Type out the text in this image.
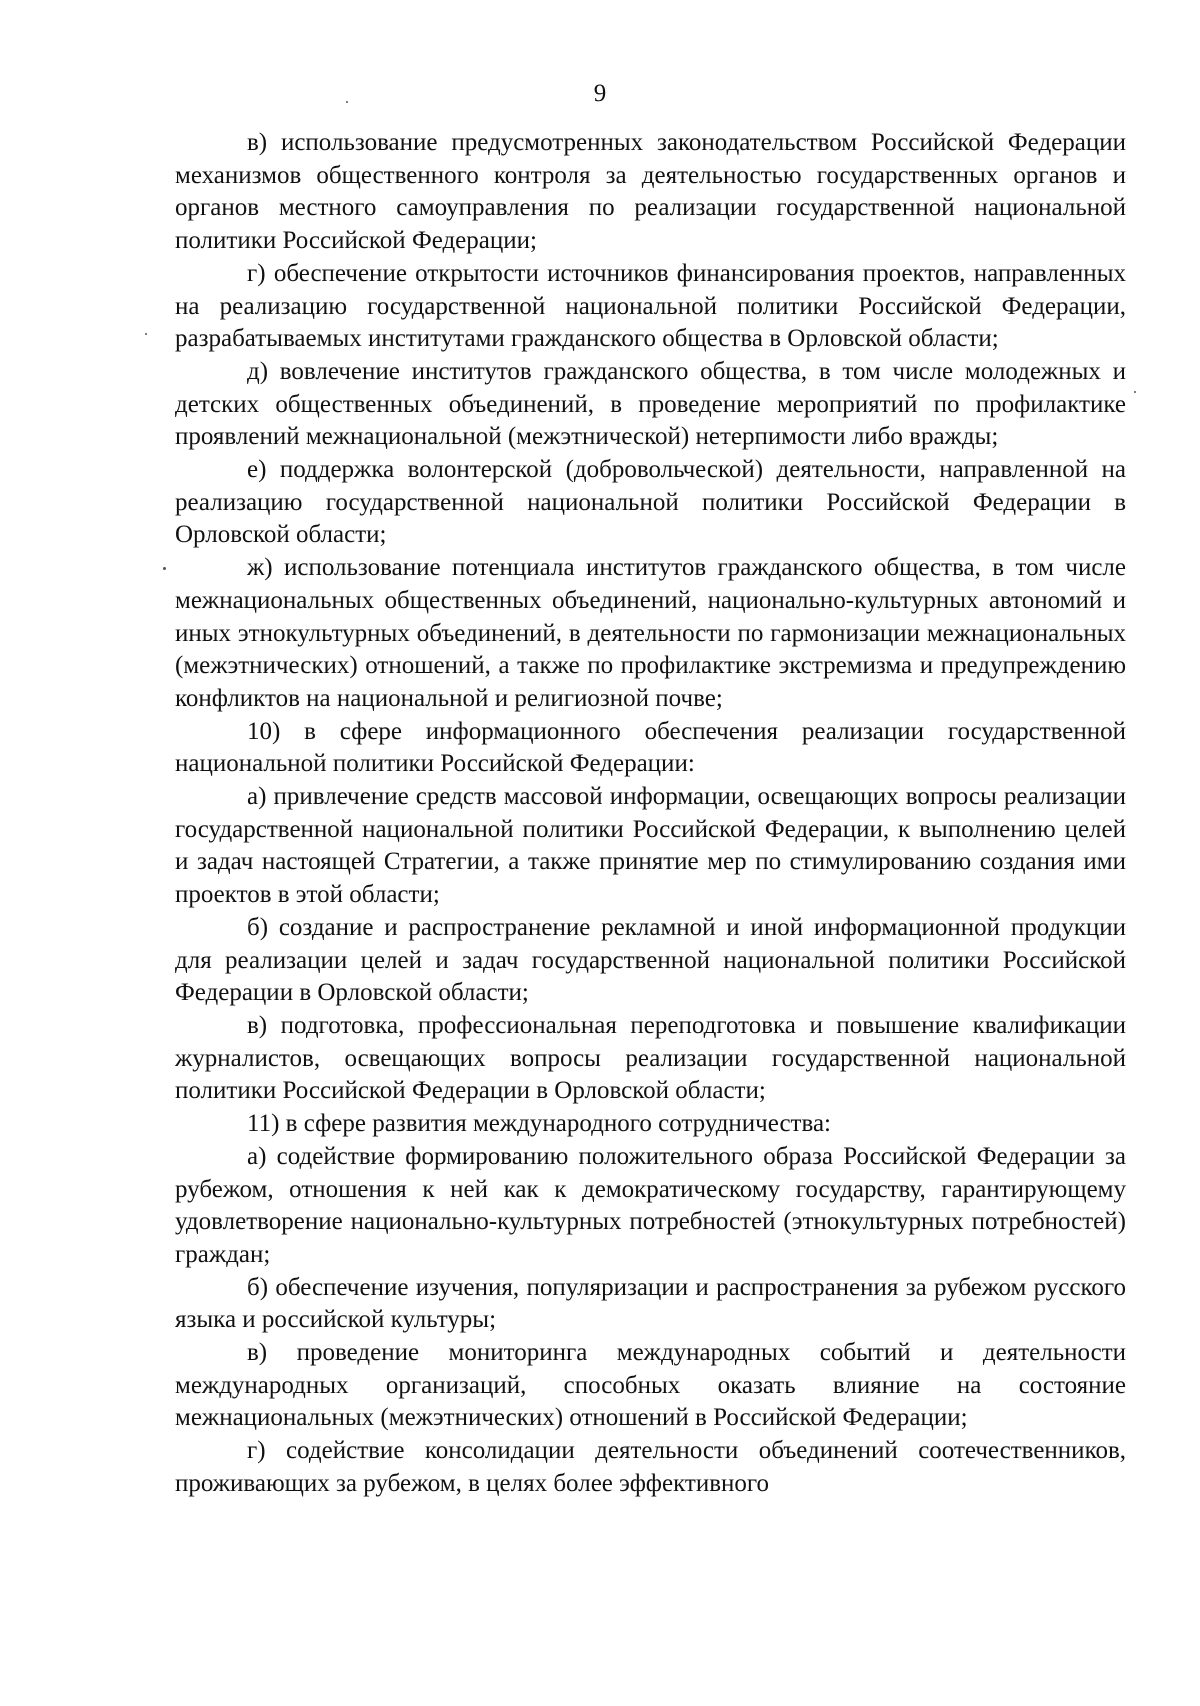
9

в) использование предусмотренных законодательством Российской Федерации механизмов общественного контроля за деятельностью государственных органов и органов местного самоуправления по реализации государственной национальной политики Российской Федерации;

г) обеспечение открытости источников финансирования проектов, направленных на реализацию государственной национальной политики Российской Федерации, разрабатываемых институтами гражданского общества в Орловской области;

д) вовлечение институтов гражданского общества, в том числе молодежных и детских общественных объединений, в проведение мероприятий по профилактике проявлений межнациональной (межэтнической) нетерпимости либо вражды;

е) поддержка волонтерской (добровольческой) деятельности, направленной на реализацию государственной национальной политики Российской Федерации в Орловской области;

ж) использование потенциала институтов гражданского общества, в том числе межнациональных общественных объединений, национально-культурных автономий и иных этнокультурных объединений, в деятельности по гармонизации межнациональных (межэтнических) отношений, а также по профилактике экстремизма и предупреждению конфликтов на национальной и религиозной почве;

10) в сфере информационного обеспечения реализации государственной национальной политики Российской Федерации:

а) привлечение средств массовой информации, освещающих вопросы реализации государственной национальной политики Российской Федерации, к выполнению целей и задач настоящей Стратегии, а также принятие мер по стимулированию создания ими проектов в этой области;

б) создание и распространение рекламной и иной информационной продукции для реализации целей и задач государственной национальной политики Российской Федерации в Орловской области;

в) подготовка, профессиональная переподготовка и повышение квалификации журналистов, освещающих вопросы реализации государственной национальной политики Российской Федерации в Орловской области;

11) в сфере развития международного сотрудничества:

а) содействие формированию положительного образа Российской Федерации за рубежом, отношения к ней как к демократическому государству, гарантирующему удовлетворение национально-культурных потребностей (этнокультурных потребностей) граждан;

б) обеспечение изучения, популяризации и распространения за рубежом русского языка и российской культуры;

в) проведение мониторинга международных событий и деятельности международных организаций, способных оказать влияние на состояние межнациональных (межэтнических) отношений в Российской Федерации;

г) содействие консолидации деятельности объединений соотечественников, проживающих за рубежом, в целях более эффективного
